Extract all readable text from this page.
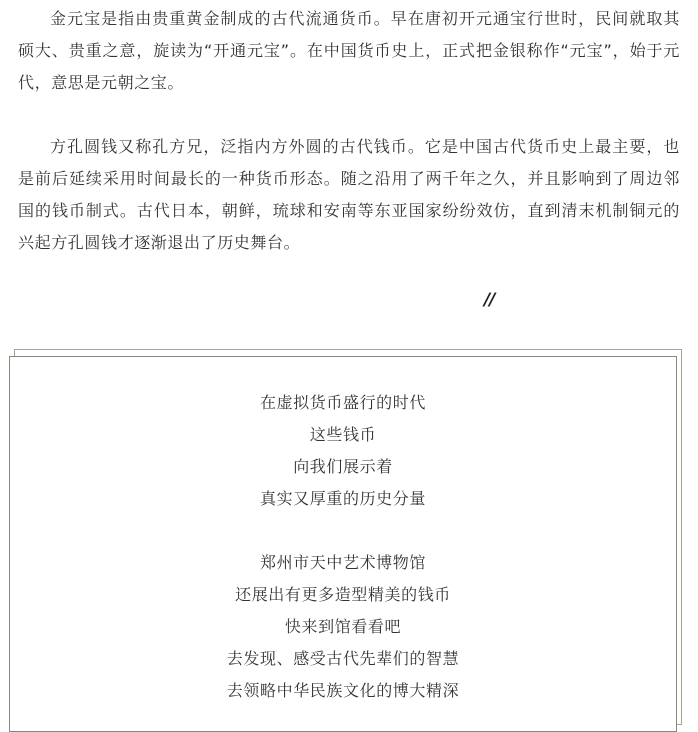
金元宝是指由贵重黄金制成的古代流通货币。早在唐初开元通宝行世时，民间就取其硕大、贵重之意，旋读为“开通元宝”。在中国货币史上，正式把金银称作“元宝”，始于元代，意思是元朝之宝。

方孔圆钱又称孔方兄，泛指内方外圆的古代钱币。它是中国古代货币史上最主要，也是前后延续采用时间最长的一种货币形态。随之沿用了两千年之久，并且影响到了周边邻国的钱币制式。古代日本，朝鲜，琉球和安南等东亚国家纷纷效仿，直到清末机制铜元的兴起方孔圆钱才逐渐退出了历史舞台。

//
在虚拟货币盛行的时代
这些钱币
向我们展示着
真实又厚重的历史分量
郑州市天中艺术博物馆
还展出有更多造型精美的钱币
快来到馆看看吧
去发现、感受古代先辈们的智慧
去领略中华民族文化的博大精深
